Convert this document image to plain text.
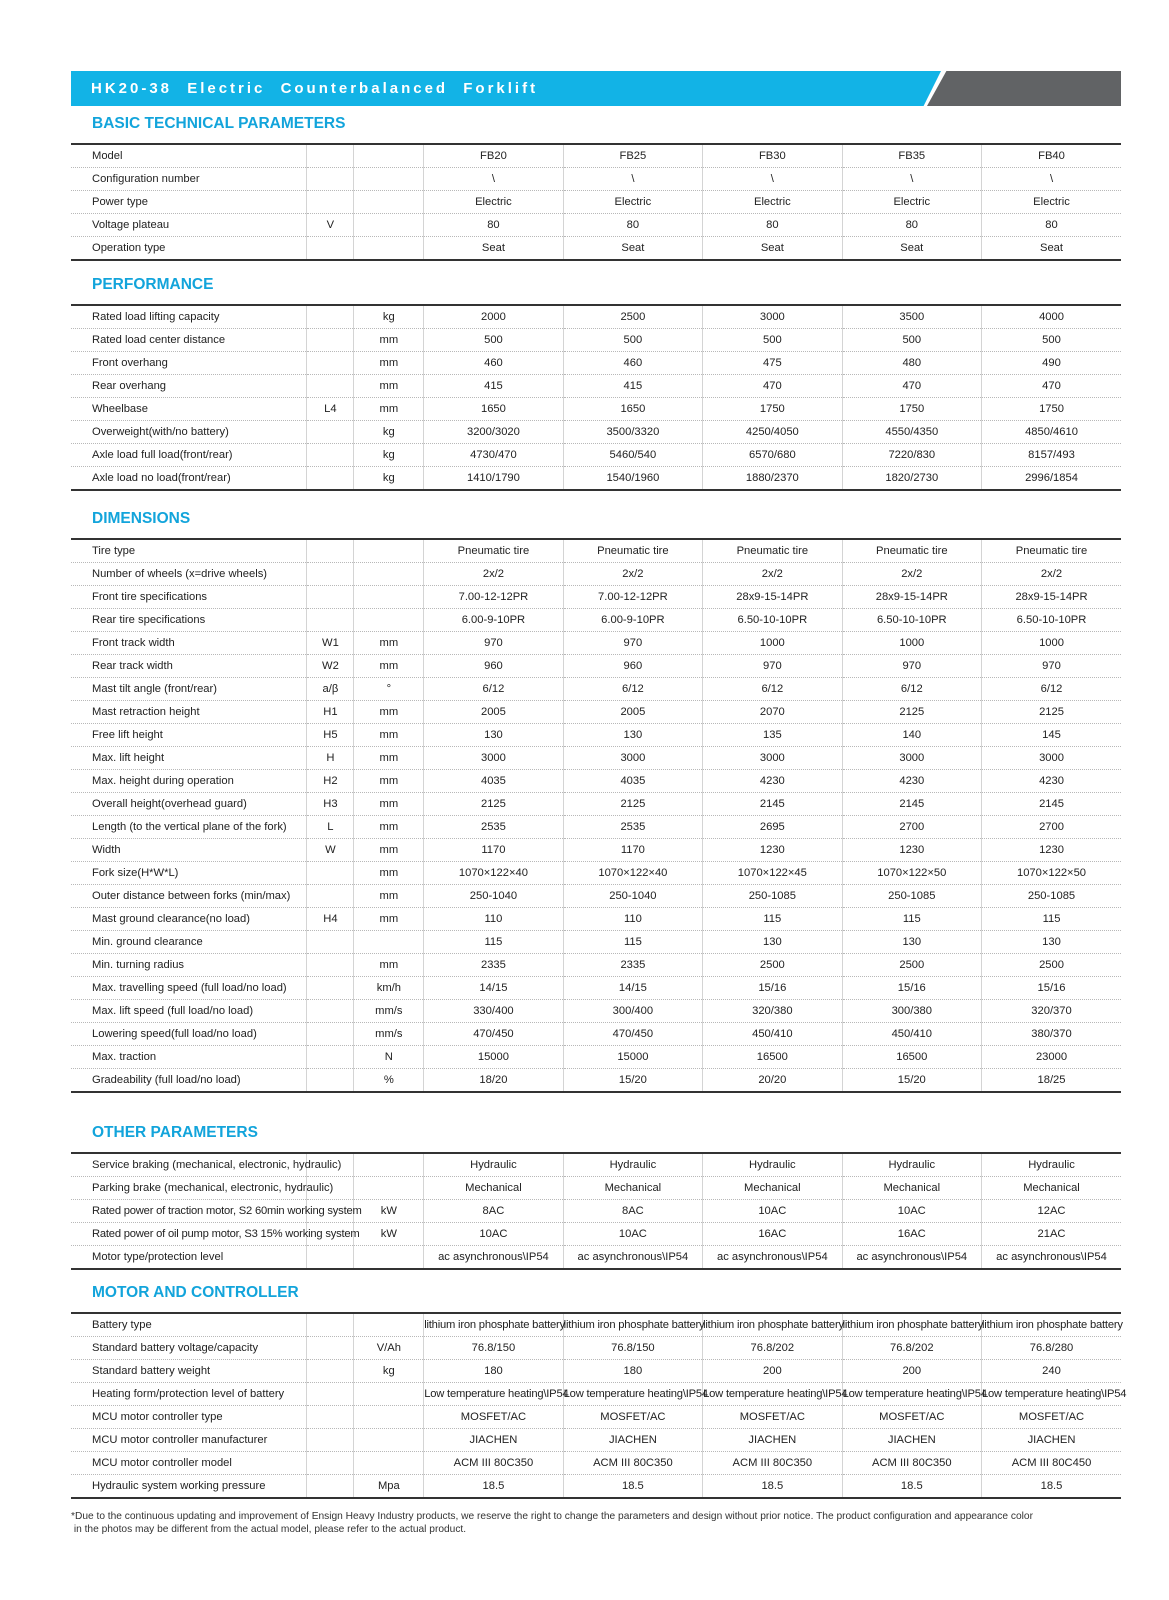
HK20-38 Electric Counterbalanced Forklift
BASIC TECHNICAL PARAMETERS
Model			FB20	FB25	FB30	FB35	FB40
Configuration number			\	\	\	\	\
Power type			Electric	Electric	Electric	Electric	Electric
Voltage plateau	V		80	80	80	80	80
Operation type			Seat	Seat	Seat	Seat	Seat
PERFORMANCE
Rated load lifting capacity		kg	2000	2500	3000	3500	4000
Rated load center distance		mm	500	500	500	500	500
Front overhang		mm	460	460	475	480	490
Rear overhang		mm	415	415	470	470	470
Wheelbase	L4	mm	1650	1650	1750	1750	1750
Overweight(with/no battery)		kg	3200/3020	3500/3320	4250/4050	4550/4350	4850/4610
Axle load full load(front/rear)		kg	4730/470	5460/540	6570/680	7220/830	8157/493
Axle load no load(front/rear)		kg	1410/1790	1540/1960	1880/2370	1820/2730	2996/1854
DIMENSIONS
Tire type			Pneumatic tire	Pneumatic tire	Pneumatic tire	Pneumatic tire	Pneumatic tire
Number of wheels (x=drive wheels)			2x/2	2x/2	2x/2	2x/2	2x/2
Front tire specifications			7.00-12-12PR	7.00-12-12PR	28x9-15-14PR	28x9-15-14PR	28x9-15-14PR
Rear tire specifications			6.00-9-10PR	6.00-9-10PR	6.50-10-10PR	6.50-10-10PR	6.50-10-10PR
Front track width	W1	mm	970	970	1000	1000	1000
Rear track width	W2	mm	960	960	970	970	970
Mast tilt angle (front/rear)	a/β	°	6/12	6/12	6/12	6/12	6/12
Mast retraction height	H1	mm	2005	2005	2070	2125	2125
Free lift height	H5	mm	130	130	135	140	145
Max. lift height	H	mm	3000	3000	3000	3000	3000
Max. height during operation	H2	mm	4035	4035	4230	4230	4230
Overall height(overhead guard)	H3	mm	2125	2125	2145	2145	2145
Length (to the vertical plane of the fork)	L	mm	2535	2535	2695	2700	2700
Width	W	mm	1170	1170	1230	1230	1230
Fork size(H*W*L)		mm	1070×122×40	1070×122×40	1070×122×45	1070×122×50	1070×122×50
Outer distance between forks (min/max)		mm	250-1040	250-1040	250-1085	250-1085	250-1085
Mast ground clearance(no load)	H4	mm	110	110	115	115	115
Min. ground clearance			115	115	130	130	130
Min. turning radius		mm	2335	2335	2500	2500	2500
Max. travelling speed (full load/no load)		km/h	14/15	14/15	15/16	15/16	15/16
Max. lift speed (full load/no load)		mm/s	330/400	300/400	320/380	300/380	320/370
Lowering speed(full load/no load)		mm/s	470/450	470/450	450/410	450/410	380/370
Max. traction		N	15000	15000	16500	16500	23000
Gradeability (full load/no load)		%	18/20	15/20	20/20	15/20	18/25
OTHER PARAMETERS
Service braking (mechanical, electronic, hydraulic)			Hydraulic	Hydraulic	Hydraulic	Hydraulic	Hydraulic
Parking brake (mechanical, electronic, hydraulic)			Mechanical	Mechanical	Mechanical	Mechanical	Mechanical
Rated power of traction motor, S2 60min working system		kW	8AC	8AC	10AC	10AC	12AC
Rated power of oil pump motor, S3 15% working system		kW	10AC	10AC	16AC	16AC	21AC
Motor type/protection level			ac asynchronous\IP54	ac asynchronous\IP54	ac asynchronous\IP54	ac asynchronous\IP54	ac asynchronous\IP54
MOTOR AND CONTROLLER
Battery type			lithium iron phosphate battery	lithium iron phosphate battery	lithium iron phosphate battery	lithium iron phosphate battery	lithium iron phosphate battery
Standard battery voltage/capacity		V/Ah	76.8/150	76.8/150	76.8/202	76.8/202	76.8/280
Standard battery weight		kg	180	180	200	200	240
Heating form/protection level of battery			Low temperature heating\IP54	Low temperature heating\IP54	Low temperature heating\IP54	Low temperature heating\IP54	Low temperature heating\IP54
MCU motor controller type			MOSFET/AC	MOSFET/AC	MOSFET/AC	MOSFET/AC	MOSFET/AC
MCU motor controller manufacturer			JIACHEN	JIACHEN	JIACHEN	JIACHEN	JIACHEN
MCU motor controller model			ACM III 80C350	ACM III 80C350	ACM III 80C350	ACM III 80C350	ACM III 80C450
Hydraulic system working pressure		Mpa	18.5	18.5	18.5	18.5	18.5
*Due to the continuous updating and improvement of Ensign Heavy Industry products, we reserve the right to change the parameters and design without prior notice. The product configuration and appearance color
in the photos may be different from the actual model, please refer to the actual product.
